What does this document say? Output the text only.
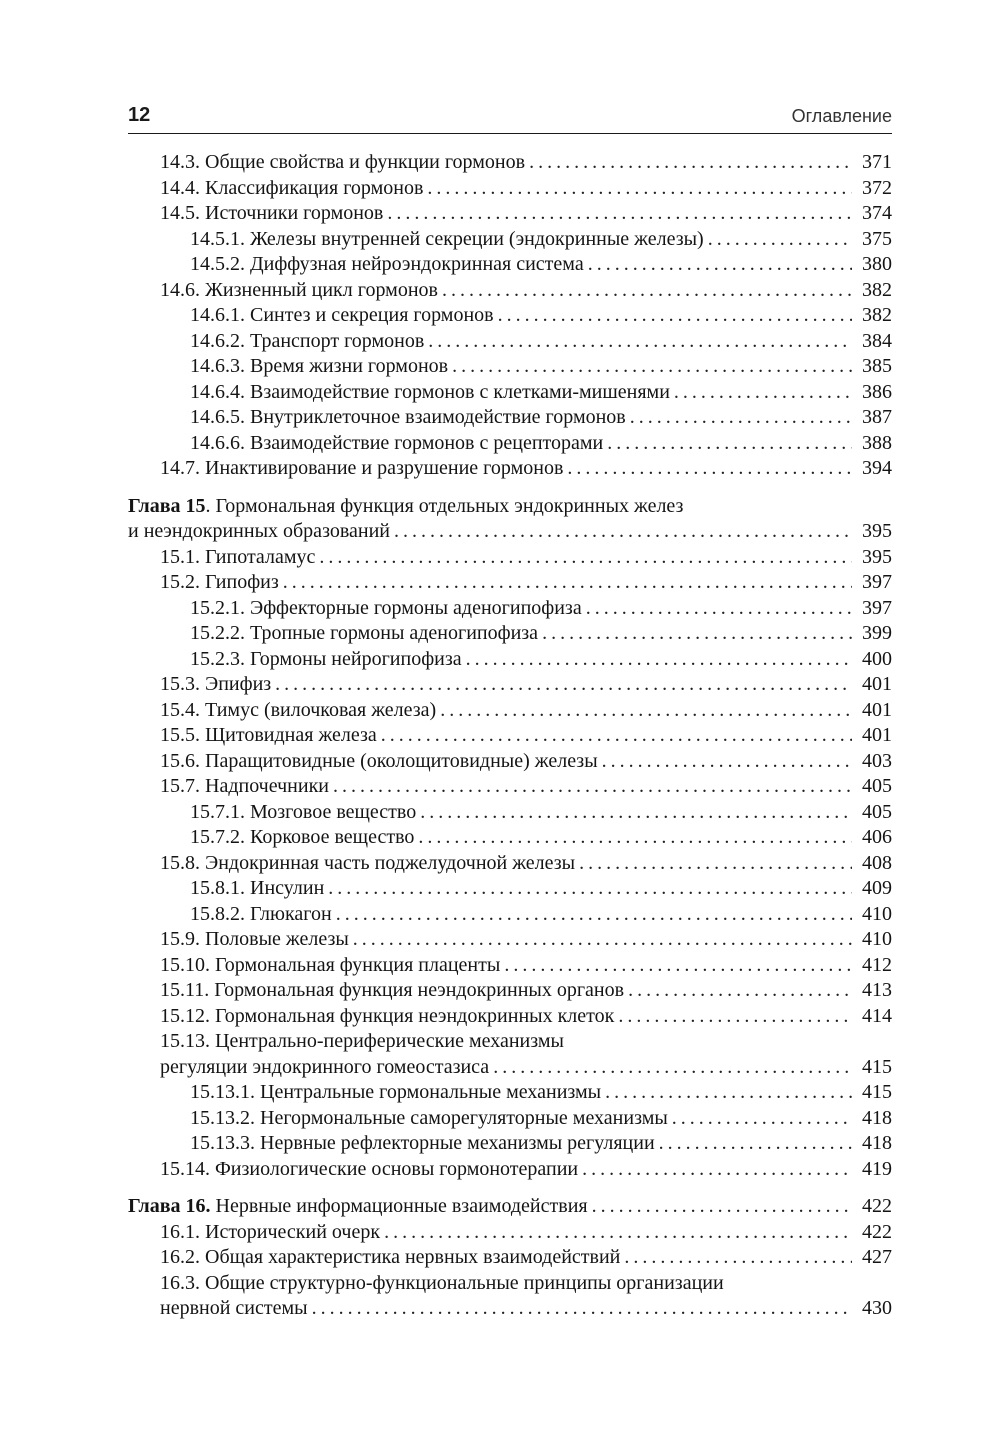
12	Оглавление
14.3. Общие свойства и функции гормонов . . .	371
14.4. Классификация гормонов . . .	372
14.5. Источники гормонов . . .	374
14.5.1. Железы внутренней секреции (эндокринные железы) . . .	375
14.5.2. Диффузная нейроэндокринная система . . .	380
14.6. Жизненный цикл гормонов . . .	382
14.6.1. Синтез и секреция гормонов . . .	382
14.6.2. Транспорт гормонов . . .	384
14.6.3. Время жизни гормонов . . .	385
14.6.4. Взаимодействие гормонов с клетками-мишенями . . .	386
14.6.5. Внутриклеточное взаимодействие гормонов . . .	387
14.6.6. Взаимодействие гормонов с рецепторами . . .	388
14.7. Инактивирование и разрушение гормонов . . .	394
Глава 15. Гормональная функция отдельных эндокринных желез
и неэндокринных образований . . .	395
15.1. Гипоталамус . . .	395
15.2. Гипофиз . . .	397
15.2.1. Эффекторные гормоны аденогипофиза . . .	397
15.2.2. Тропные гормоны аденогипофиза . . .	399
15.2.3. Гормоны нейрогипофиза . . .	400
15.3. Эпифиз . . .	401
15.4. Тимус (вилочковая железа) . . .	401
15.5. Щитовидная железа . . .	401
15.6. Паращитовидные (околощитовидные) железы . . .	403
15.7. Надпочечники . . .	405
15.7.1. Мозговое вещество . . .	405
15.7.2. Корковое вещество . . .	406
15.8. Эндокринная часть поджелудочной железы . . .	408
15.8.1. Инсулин . . .	409
15.8.2. Глюкагон . . .	410
15.9. Половые железы . . .	410
15.10. Гормональная функция плаценты . . .	412
15.11. Гормональная функция неэндокринных органов . . .	413
15.12. Гормональная функция неэндокринных клеток . . .	414
15.13. Центрально-периферические механизмы
регуляции эндокринного гомеостазиса . . .	415
15.13.1. Центральные гормональные механизмы . . .	415
15.13.2. Негормональные саморегуляторные механизмы . . .	418
15.13.3. Нервные рефлекторные механизмы регуляции . . .	418
15.14. Физиологические основы гормонотерапии . . .	419
Глава 16. Нервные информационные взаимодействия . . .	422
16.1. Исторический очерк . . .	422
16.2. Общая характеристика нервных взаимодействий . . .	427
16.3. Общие структурно-функциональные принципы организации
нервной системы . . .	430
